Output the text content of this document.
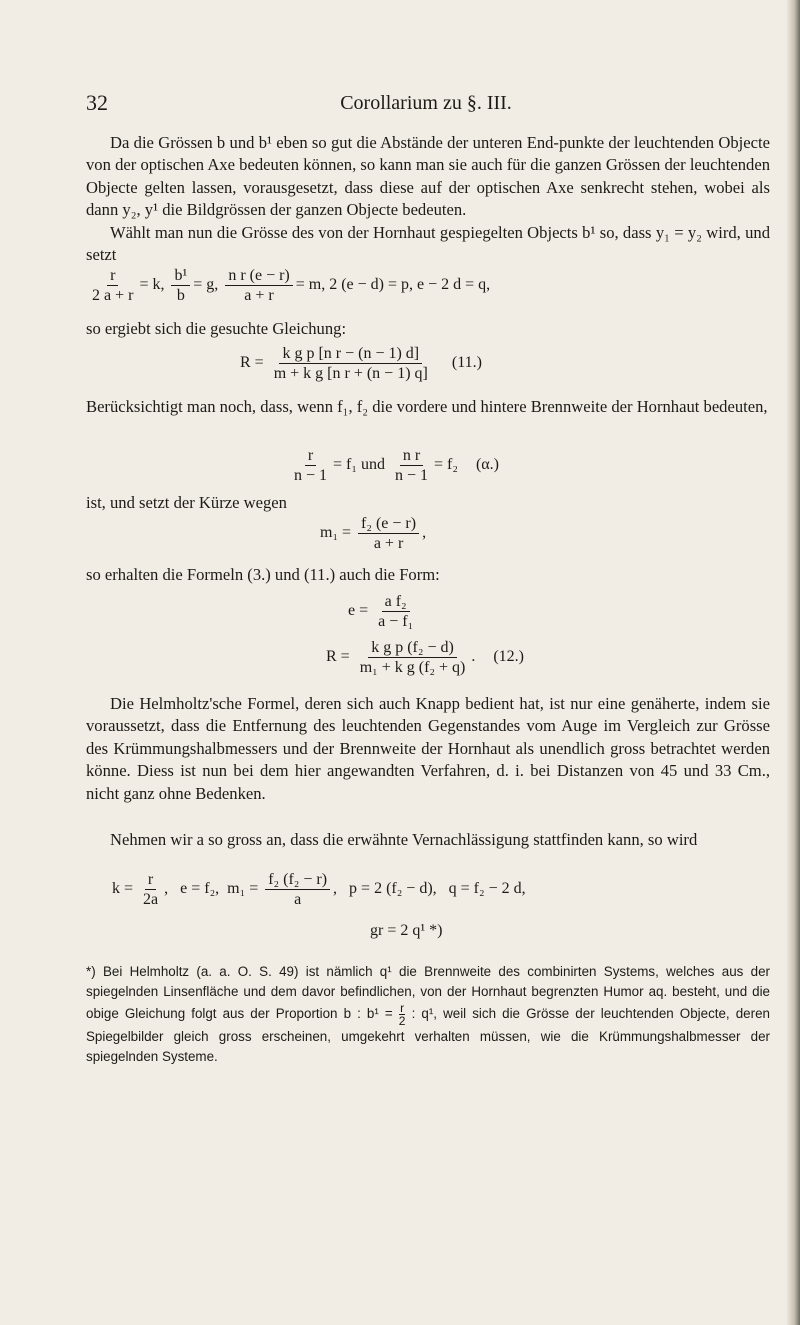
32	Corollarium zu §. III.

Da die Grössen b und b¹ eben so gut die Abstände der unteren End-punkte der leuchtenden Objecte von der optischen Axe bedeuten können, so kann man sie auch für die ganzen Grössen der leuchtenden Objecte gelten lassen, vorausgesetzt, dass diese auf der optischen Axe senkrecht stehen, wobei als dann y₂, y¹ die Bildgrössen der ganzen Objecte bedeuten.

Wählt man nun die Grösse des von der Hornhaut gespiegelten Objects b¹ so, dass y₁ = y₂ wird, und setzt

$\frac{r}{2 a + r} = k$, $\frac{\text{b¹}}{b} = g$, $\frac{\text{n r (e − r)}}{a + r} = m$, 2 (e − d) = p, e − 2 d = q,

so ergiebt sich die gesuchte Gleichung:

$R = \frac{\text{k g p [n r − (n − 1) d]}}{\text{m + k g [n r + (n − 1) q]}} (11.)$

Berücksichtigt man noch, dass, wenn f₁, f₂ die vordere und hintere Brennweite der Hornhaut bedeuten,

$\frac{r}{n - 1} = f_1$ und $\frac{\text{n r}}{n - 1} = f_2$ (α.)

ist, und setzt der Kürze wegen

$m_1 = \frac{\text{f₂ (e − r)}}{a + r}$ ,

so erhalten die Formeln (3.) und (11.) auch die Form:

$e = \frac{\text{a f₂}}{\text{a − f₁}}$
$R = \frac{\text{k g p (f₂ − d)}}{\text{m₁ + k g (f₂ + q)}}$ . (12.)

Die Helmholtz'sche Formel, deren sich auch Knapp bedient hat, ist nur eine genäherte, indem sie voraussetzt, dass die Entfernung des leuchtenden Gegenstandes vom Auge im Vergleich zur Grösse des Krümmungshalbmessers und der Brennweite der Hornhaut als unendlich gross betrachtet werden könne. Diess ist nun bei dem hier angewandten Verfahren, d. i. bei Distanzen von 45 und 33 Cm., nicht ganz ohne Bedenken.

Nehmen wir a so gross an, dass die erwähnte Vernachlässigung stattfinden kann, so wird

$k = \frac{r}{2a}$ , e = f₂, $m_1 = \frac{\text{f₂ (f₂ − r)}}{a}$ , p = 2 (f₂ − d), q = f₂ − 2 d,
gr = 2 q¹ *)
*) Bei Helmholtz (a. a. O. S. 49) ist nämlich q¹ die Brennweite des combinirten Systems, welches aus der spiegelnden Linsenfläche und dem davor befindlichen, von der Hornhaut begrenzten Humor aq. besteht, und die obige Gleichung folgt aus der Proportion b : $b^1 = \frac{r}{2}$ : q¹, weil sich die Grösse der leuchtenden Objecte, deren Spiegelbilder gleich gross erscheinen, umgekehrt verhalten müssen, wie die Krümmungshalbmesser der spiegelnden Systeme.
